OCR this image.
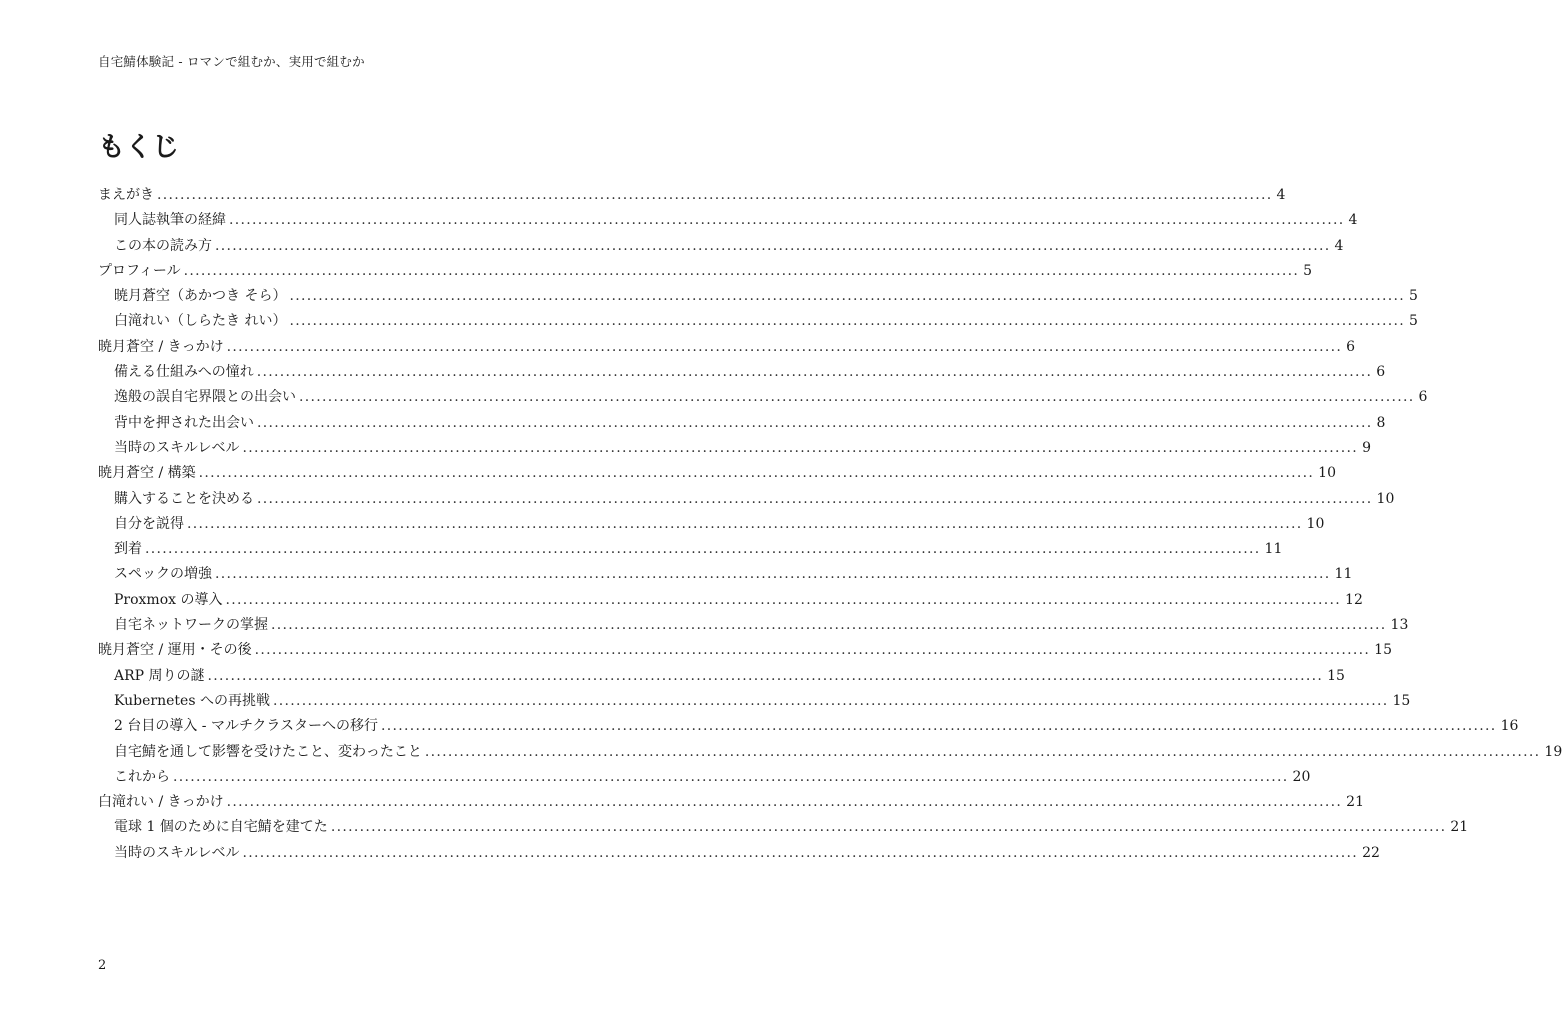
自宅鯖体験記 - ロマンで組むか、実用で組むか
もくじ
まえがき .................................................................................................................................................................................................. 4
同人誌執筆の経緯 .................................................................................................................................................................................................. 4
この本の読み方 .................................................................................................................................................................................................. 4
プロフィール .................................................................................................................................................................................................. 5
暁月蒼空（あかつき そら） .................................................................................................................................................................................................. 5
白滝れい（しらたき れい） .................................................................................................................................................................................................. 5
暁月蒼空 / きっかけ .................................................................................................................................................................................................. 6
備える仕組みへの憧れ .................................................................................................................................................................................................. 6
逸般の誤自宅界隈との出会い .................................................................................................................................................................................................. 6
背中を押された出会い .................................................................................................................................................................................................. 8
当時のスキルレベル .................................................................................................................................................................................................. 9
暁月蒼空 / 構築 .................................................................................................................................................................................................. 10
購入することを決める .................................................................................................................................................................................................. 10
自分を説得 .................................................................................................................................................................................................. 10
到着 .................................................................................................................................................................................................. 11
スペックの増強 .................................................................................................................................................................................................. 11
Proxmox の導入 .................................................................................................................................................................................................. 12
自宅ネットワークの掌握 .................................................................................................................................................................................................. 13
暁月蒼空 / 運用・その後 .................................................................................................................................................................................................. 15
ARP 周りの謎 .................................................................................................................................................................................................. 15
Kubernetes への再挑戦 .................................................................................................................................................................................................. 15
2 台目の導入 - マルチクラスターへの移行 .................................................................................................................................................................................................. 16
自宅鯖を通して影響を受けたこと、変わったこと .................................................................................................................................................................................................. 19
これから .................................................................................................................................................................................................. 20
白滝れい / きっかけ .................................................................................................................................................................................................. 21
電球 1 個のために自宅鯖を建てた .................................................................................................................................................................................................. 21
当時のスキルレベル .................................................................................................................................................................................................. 22
2
